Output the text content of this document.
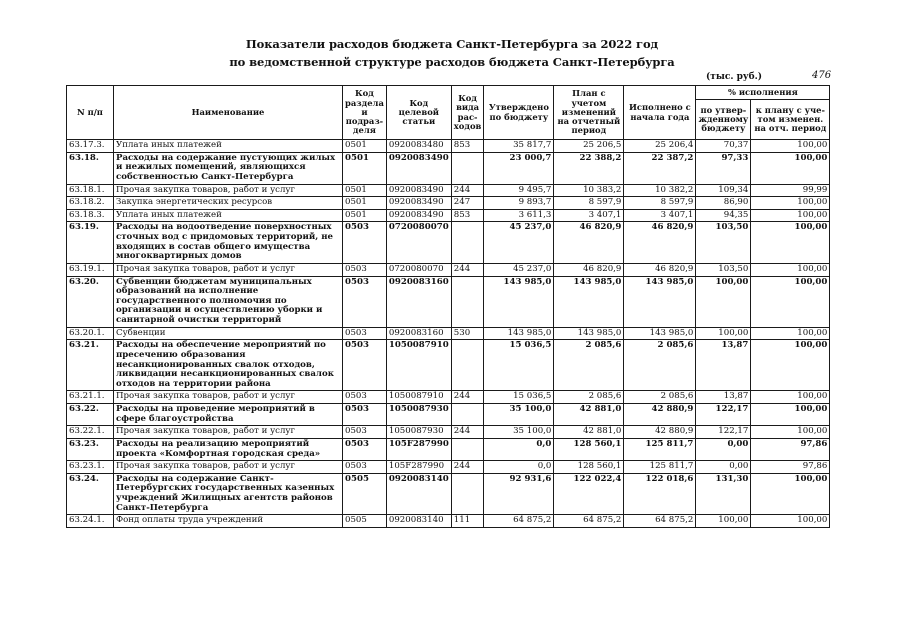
Показатели расходов бюджета Санкт-Петербурга за 2022 год
по ведомственной структуре расходов бюджета Санкт-Петербурга
(тыс. руб.)	476
N п/п	Наименование	Код раздела и подраз-деля	Код целевой статьи	Код вида рас-ходов	Утверждено по бюджету	План с учетом изменений на отчетный период	Исполнено с начала года	% исполнения	
								по утвер-жденному бюджету	к плану с уче-том изменен. на отч. период
63.17.3.	Уплата иных платежей	0501	0920083480	853	35 817,7	25 206,5	25 206,4	70,37	100,00
63.18.	Расходы на содержание пустующих жилых и нежилых помещений, являющихся собственностью Санкт-Петербурга	0501	0920083490		23 000,7	22 388,2	22 387,2	97,33	100,00
63.18.1.	Прочая закупка товаров, работ и услуг	0501	0920083490	244	9 495,7	10 383,2	10 382,2	109,34	99,99
63.18.2.	Закупка энергетических ресурсов	0501	0920083490	247	9 893,7	8 597,9	8 597,9	86,90	100,00
63.18.3.	Уплата иных платежей	0501	0920083490	853	3 611,3	3 407,1	3 407,1	94,35	100,00
63.19.	Расходы на водоотведение поверхностных сточных вод с придомовых территорий, не входящих в состав общего имущества многоквартирных домов	0503	0720080070		45 237,0	46 820,9	46 820,9	103,50	100,00
63.19.1.	Прочая закупка товаров, работ и услуг	0503	0720080070	244	45 237,0	46 820,9	46 820,9	103,50	100,00
63.20.	Субвенции бюджетам муниципальных образований на исполнение государственного полномочия по организации и осуществлению уборки и санитарной очистки территорий	0503	0920083160		143 985,0	143 985,0	143 985,0	100,00	100,00
63.20.1.	Субвенции	0503	0920083160	530	143 985,0	143 985,0	143 985,0	100,00	100,00
63.21.	Расходы на обеспечение мероприятий по пресечению образования несанкционированных свалок отходов, ликвидации несанкционированных свалок отходов на территории района	0503	1050087910		15 036,5	2 085,6	2 085,6	13,87	100,00
63.21.1.	Прочая закупка товаров, работ и услуг	0503	1050087910	244	15 036,5	2 085,6	2 085,6	13,87	100,00
63.22.	Расходы на проведение мероприятий в сфере благоустройства	0503	1050087930		35 100,0	42 881,0	42 880,9	122,17	100,00
63.22.1.	Прочая закупка товаров, работ и услуг	0503	1050087930	244	35 100,0	42 881,0	42 880,9	122,17	100,00
63.23.	Расходы на реализацию мероприятий проекта «Комфортная городская среда»	0503	105F287990		0,0	128 560,1	125 811,7	0,00	97,86
63.23.1.	Прочая закупка товаров, работ и услуг	0503	105F287990	244	0,0	128 560,1	125 811,7	0,00	97,86
63.24.	Расходы на содержание Санкт-Петербургских государственных казенных учреждений Жилищных агентств районов Санкт-Петербурга	0505	0920083140		92 931,6	122 022,4	122 018,6	131,30	100,00
63.24.1.	Фонд оплаты труда учреждений	0505	0920083140	111	64 875,2	64 875,2	64 875,2	100,00	100,00
